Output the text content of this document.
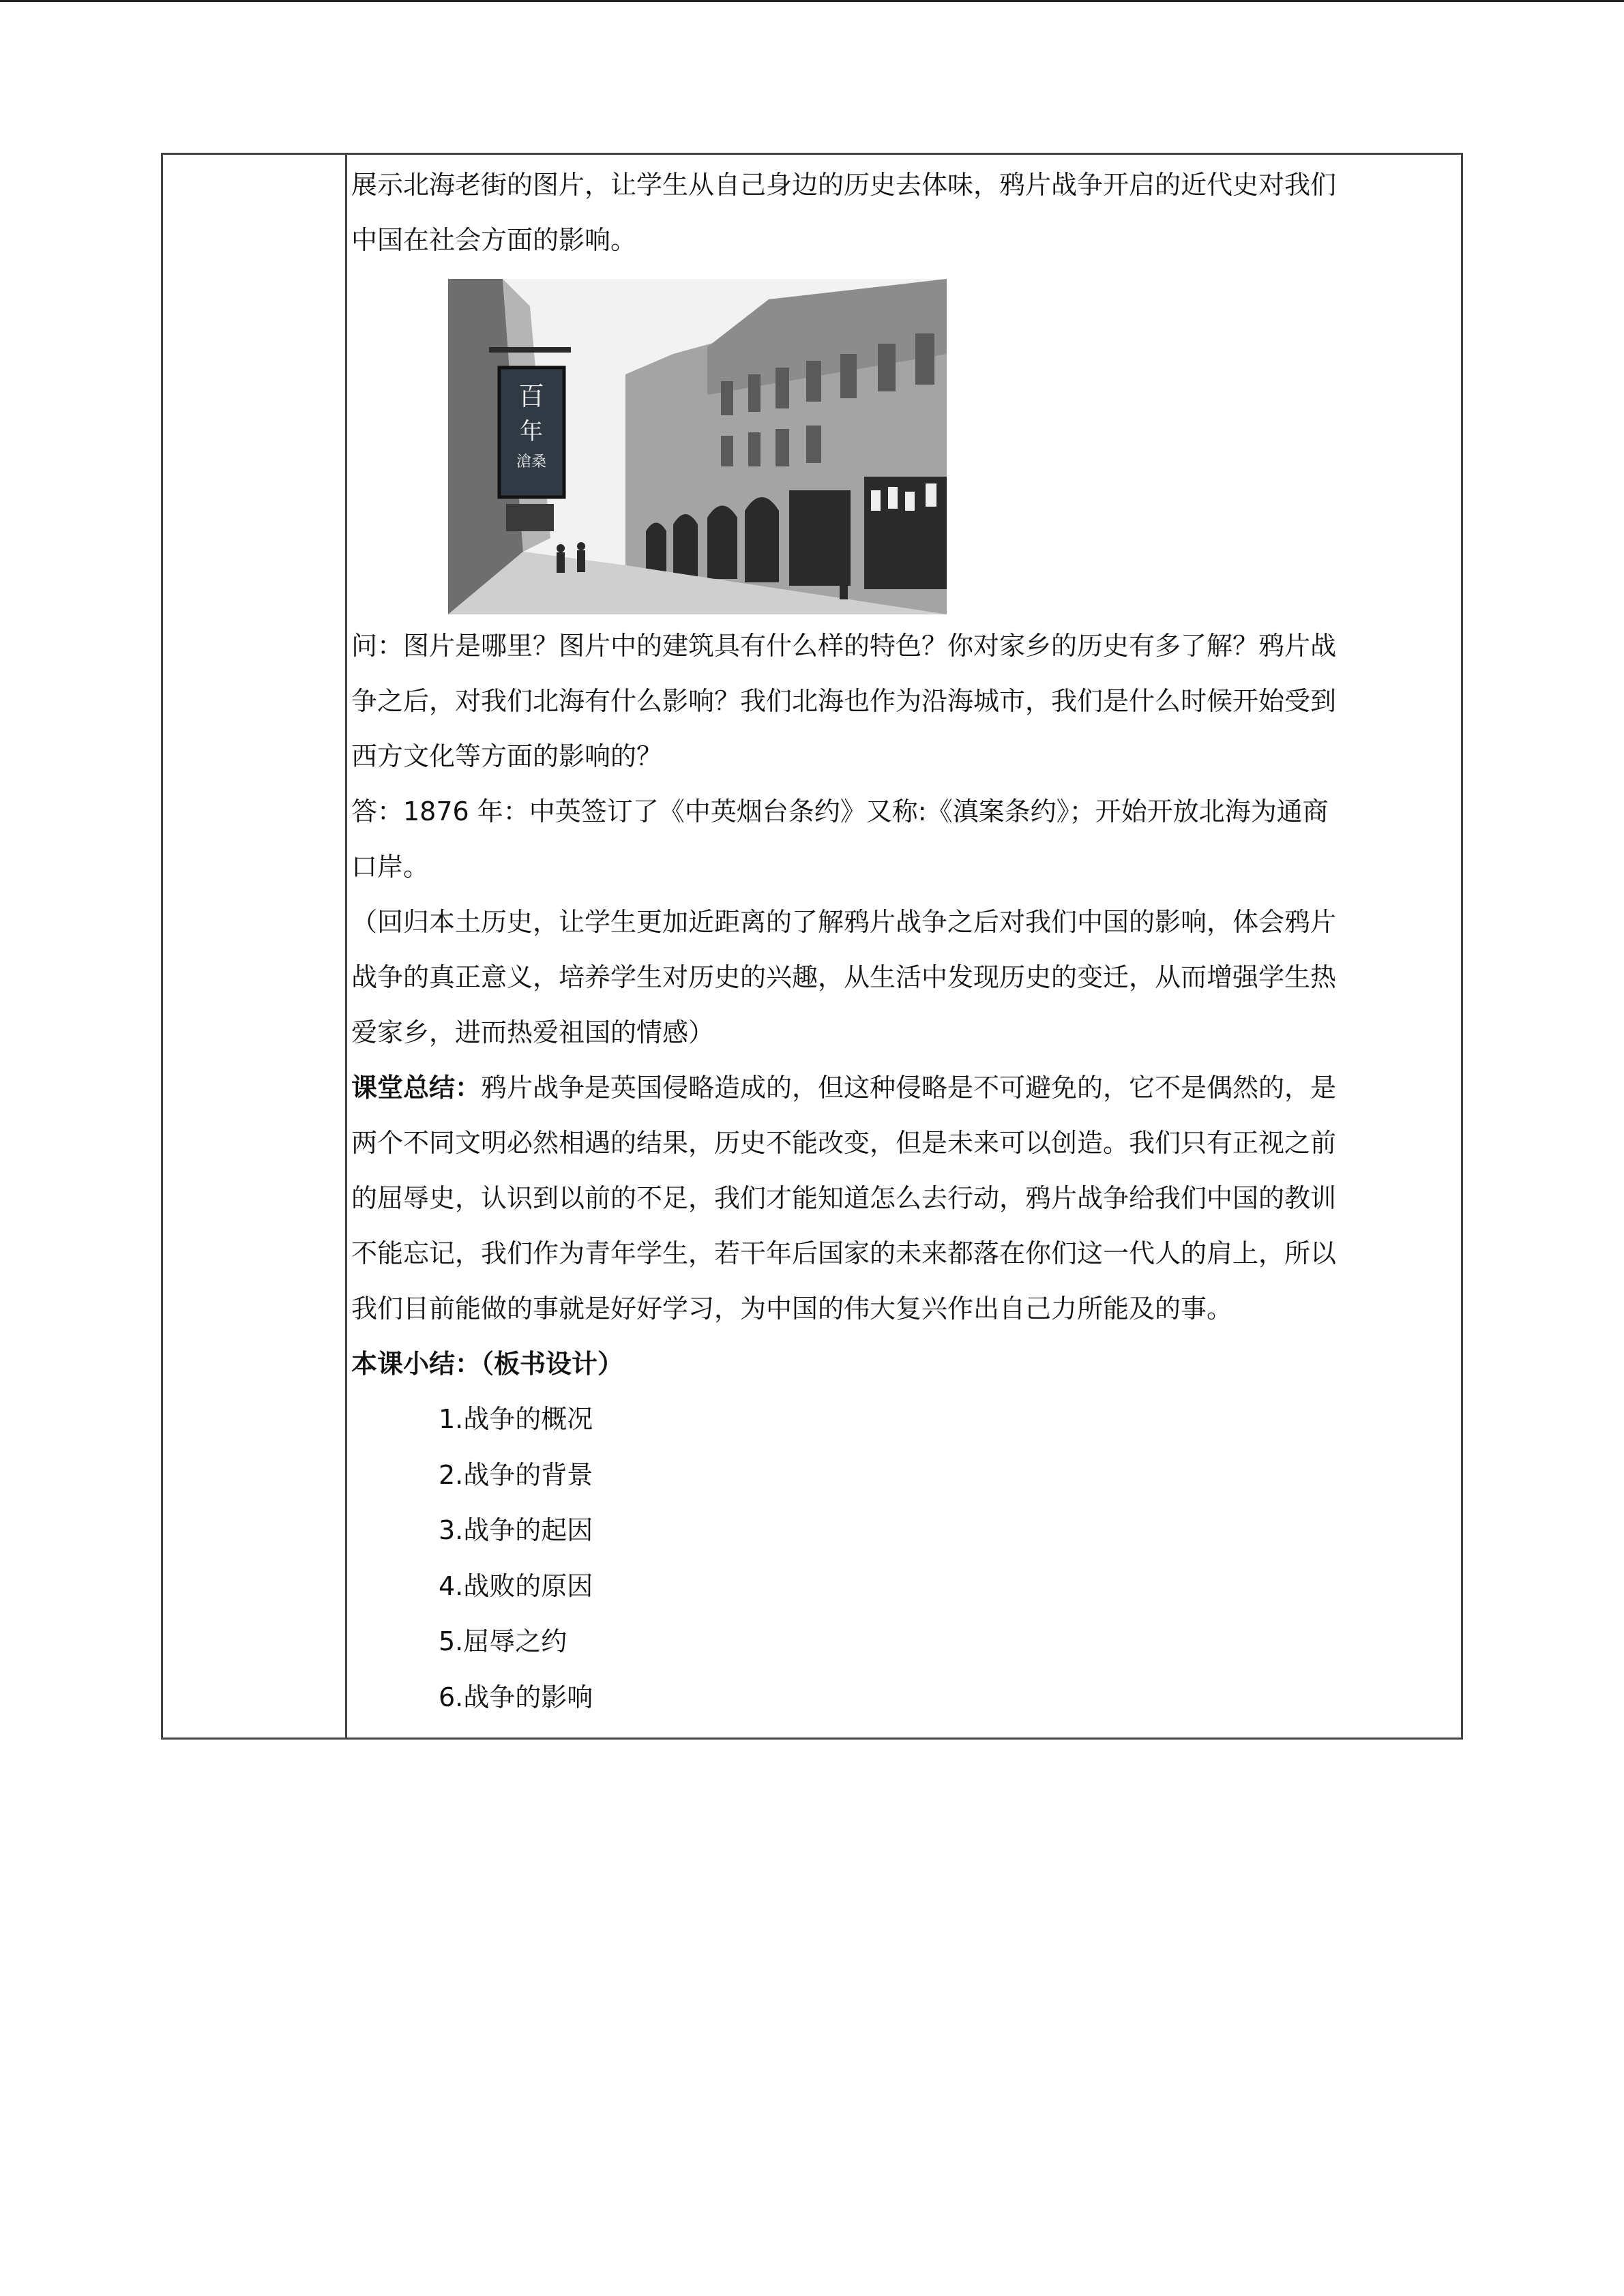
展示北海老街的图片，让学生从自己身边的历史去体味，鸦片战争开启的近代史对我们

中国在社会方面的影响。

百
年
滄桑

问：图片是哪里？图片中的建筑具有什么样的特色？你对家乡的历史有多了解？鸦片战

争之后，对我们北海有什么影响？我们北海也作为沿海城市，我们是什么时候开始受到

西方文化等方面的影响的？

答：1876 年：中英签订了《中英烟台条约》又称:《滇案条约》；开始开放北海为通商

口岸。

（回归本土历史，让学生更加近距离的了解鸦片战争之后对我们中国的影响，体会鸦片

战争的真正意义，培养学生对历史的兴趣，从生活中发现历史的变迁，从而增强学生热

爱家乡，进而热爱祖国的情感）

课堂总结：鸦片战争是英国侵略造成的，但这种侵略是不可避免的，它不是偶然的，是

两个不同文明必然相遇的结果，历史不能改变，但是未来可以创造。我们只有正视之前

的屈辱史，认识到以前的不足，我们才能知道怎么去行动，鸦片战争给我们中国的教训

不能忘记，我们作为青年学生，若干年后国家的未来都落在你们这一代人的肩上，所以

我们目前能做的事就是好好学习，为中国的伟大复兴作出自己力所能及的事。

本课小结：（板书设计）

1.战争的概况
2.战争的背景
3.战争的起因
4.战败的原因
5.屈辱之约
6.战争的影响
